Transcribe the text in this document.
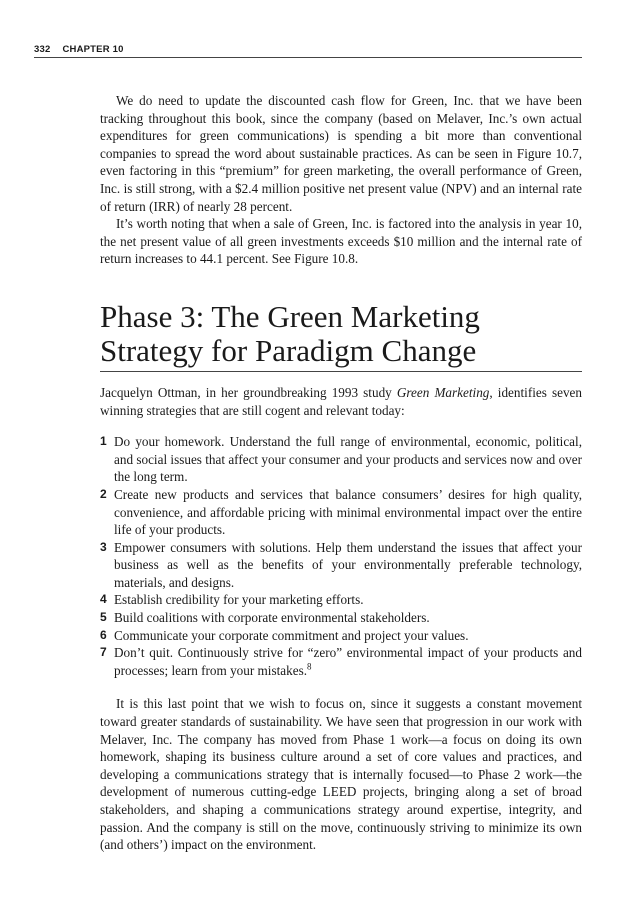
332 CHAPTER 10

We do need to update the discounted cash flow for Green, Inc. that we have been tracking throughout this book, since the company (based on Melaver, Inc.’s own actual expenditures for green communications) is spending a bit more than conventional companies to spread the word about sustainable practices. As can be seen in Figure 10.7, even factoring in this “premium” for green marketing, the overall performance of Green, Inc. is still strong, with a $2.4 million positive net present value (NPV) and an internal rate of return (IRR) of nearly 28 percent.

It’s worth noting that when a sale of Green, Inc. is factored into the analysis in year 10, the net present value of all green investments exceeds $10 million and the internal rate of return increases to 44.1 percent. See Figure 10.8.

Phase 3: The Green Marketing Strategy for Paradigm Change

Jacquelyn Ottman, in her groundbreaking 1993 study Green Marketing, identifies seven winning strategies that are still cogent and relevant today:

1 Do your homework. Understand the full range of environmental, economic, political, and social issues that affect your consumer and your products and services now and over the long term.
2 Create new products and services that balance consumers’ desires for high quality, convenience, and affordable pricing with minimal environmental impact over the entire life of your products.
3 Empower consumers with solutions. Help them understand the issues that affect your business as well as the benefits of your environmentally preferable technology, materials, and designs.
4 Establish credibility for your marketing efforts.
5 Build coalitions with corporate environmental stakeholders.
6 Communicate your corporate commitment and project your values.
7 Don’t quit. Continuously strive for “zero” environmental impact of your products and processes; learn from your mistakes.$^8$

It is this last point that we wish to focus on, since it suggests a constant movement toward greater standards of sustainability. We have seen that progression in our work with Melaver, Inc. The company has moved from Phase 1 work—a focus on doing its own homework, shaping its business culture around a set of core values and practices, and developing a communications strategy that is internally focused—to Phase 2 work—the development of numerous cutting-edge LEED projects, bringing along a set of broad stakeholders, and shaping a communications strategy around expertise, integrity, and passion. And the company is still on the move, continuously striving to minimize its own (and others’) impact on the environment.
